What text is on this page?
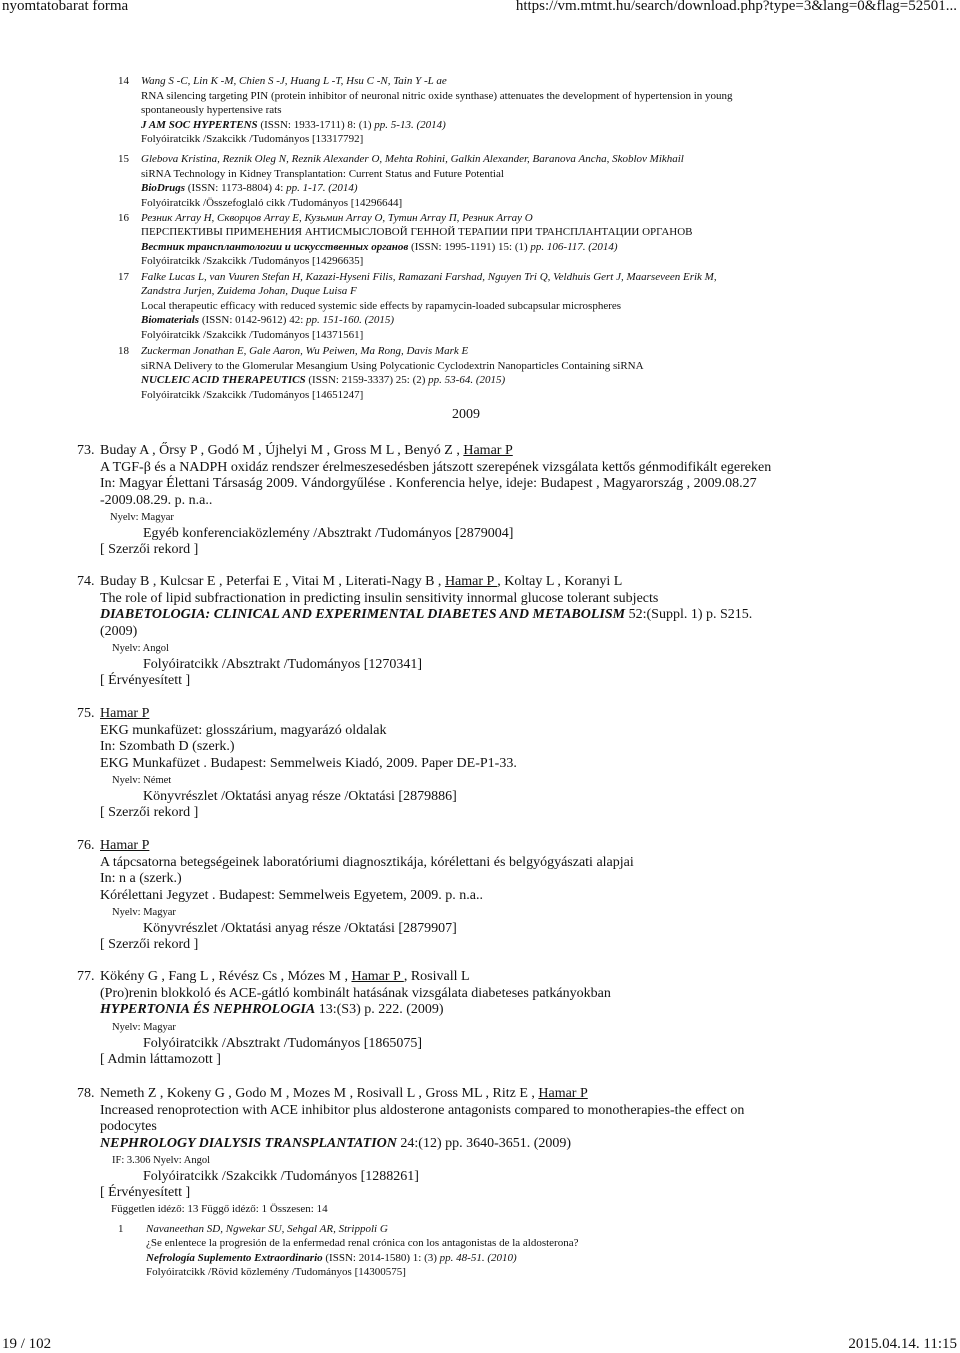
nyomtatobarat forma	https://vm.mtmt.hu/search/download.php?type=3&lang=0&flag=52501...
14 Wang S -C, Lin K -M, Chien S -J, Huang L -T, Hsu C -N, Tain Y -L ae
RNA silencing targeting PIN (protein inhibitor of neuronal nitric oxide synthase) attenuates the development of hypertension in young
spontaneously hypertensive rats
J AM SOC HYPERTENS (ISSN: 1933-1711) 8: (1) pp. 5-13. (2014)
Folyóiratcikk /Szakcikk /Tudományos [13317792]
15 Glebova Kristina, Reznik Oleg N, Reznik Alexander O, Mehta Rohini, Galkin Alexander, Baranova Ancha, Skoblov Mikhail
siRNA Technology in Kidney Transplantation: Current Status and Future Potential
BioDrugs (ISSN: 1173-8804) 4: pp. 1-17. (2014)
Folyóiratcikk /Összefoglaló cikk /Tudományos [14296644]
16 Резник Array Н, Скворцов Array Е, Кузьмин Array О, Тутин Array П, Резник Array О
ПЕРСПЕКТИВЫ ПРИМЕНЕНИЯ АНТИСМЫСЛОВОЙ ГЕННОЙ ТЕРАПИИ ПРИ ТРАНСПЛАНТАЦИИ ОРГАНОВ
Вестник трансплантологии и искусственных органов (ISSN: 1995-1191) 15: (1) pp. 106-117. (2014)
Folyóiratcikk /Szakcikk /Tudományos [14296635]
17 Falke Lucas L, van Vuuren Stefan H, Kazazi-Hyseni Filis, Ramazani Farshad, Nguyen Tri Q, Veldhuis Gert J, Maarseveen Erik M,
Zandstra Jurjen, Zuidema Johan, Duque Luisa F
Local therapeutic efficacy with reduced systemic side effects by rapamycin-loaded subcapsular microspheres
Biomaterials (ISSN: 0142-9612) 42: pp. 151-160. (2015)
Folyóiratcikk /Szakcikk /Tudományos [14371561]
18 Zuckerman Jonathan E, Gale Aaron, Wu Peiwen, Ma Rong, Davis Mark E
siRNA Delivery to the Glomerular Mesangium Using Polycationic Cyclodextrin Nanoparticles Containing siRNA
NUCLEIC ACID THERAPEUTICS (ISSN: 2159-3337) 25: (2) pp. 53-64. (2015)
Folyóiratcikk /Szakcikk /Tudományos [14651247]
2009
73. Buday A , Őrsy P , Godó M , Újhelyi M , Gross M L , Benyó Z , Hamar P
A TGF-β és a NADPH oxidáz rendszer érelmeszesedésben játszott szerepének vizsgálata kettős génmodifikált egereken
In: Magyar Élettani Társaság 2009. Vándorgyűlése . Konferencia helye, ideje: Budapest , Magyarország , 2009.08.27
-2009.08.29. p. n.a..
Nyelv: Magyar
Egyéb konferenciaközlemény /Absztrakt /Tudományos [2879004]
[ Szerzői rekord ]
74. Buday B , Kulcsar E , Peterfai E , Vitai M , Literati-Nagy B , Hamar P , Koltay L , Koranyi L
The role of lipid subfractionation in predicting insulin sensitivity innormal glucose tolerant subjects
DIABETOLOGIA: CLINICAL AND EXPERIMENTAL DIABETES AND METABOLISM 52:(Suppl. 1) p. S215.
(2009)
Nyelv: Angol
Folyóiratcikk /Absztrakt /Tudományos [1270341]
[ Érvényesített ]
75. Hamar P
EKG munkafüzet: glosszárium, magyarázó oldalak
In: Szombath D (szerk.)
EKG Munkafüzet . Budapest: Semmelweis Kiadó, 2009. Paper DE-P1-33.
Nyelv: Német
Könyvrészlet /Oktatási anyag része /Oktatási [2879886]
[ Szerzői rekord ]
76. Hamar P
A tápcsatorna betegségeinek laboratóriumi diagnosztikája, kórélettani és belgyógyászati alapjai
In: n a (szerk.)
Kórélettani Jegyzet . Budapest: Semmelweis Egyetem, 2009. p. n.a..
Nyelv: Magyar
Könyvrészlet /Oktatási anyag része /Oktatási [2879907]
[ Szerzői rekord ]
77. Kökény G , Fang L , Révész Cs , Mózes M , Hamar P , Rosivall L
(Pro)renin blokkoló és ACE-gátló kombinált hatásának vizsgálata diabeteses patkányokban
HYPERTONIA ÉS NEPHROLOGIA 13:(S3) p. 222. (2009)
Nyelv: Magyar
Folyóiratcikk /Absztrakt /Tudományos [1865075]
[ Admin láttamozott ]
78. Nemeth Z , Kokeny G , Godo M , Mozes M , Rosivall L , Gross ML , Ritz E , Hamar P
Increased renoprotection with ACE inhibitor plus aldosterone antagonists compared to monotherapies-the effect on
podocytes
NEPHROLOGY DIALYSIS TRANSPLANTATION 24:(12) pp. 3640-3651. (2009)
IF: 3.306 Nyelv: Angol
Folyóiratcikk /Szakcikk /Tudományos [1288261]
[ Érvényesített ]
Független idéző: 13 Függő idéző: 1 Összesen: 14
1 Navaneethan SD, Ngwekar SU, Sehgal AR, Strippoli G
¿Se enlentece la progresión de la enfermedad renal crónica con los antagonistas de la aldosterona?
Nefrología Suplemento Extraordinario (ISSN: 2014-1580) 1: (3) pp. 48-51. (2010)
Folyóiratcikk /Rövid közlemény /Tudományos [14300575]
19 / 102	2015.04.14. 11:15
